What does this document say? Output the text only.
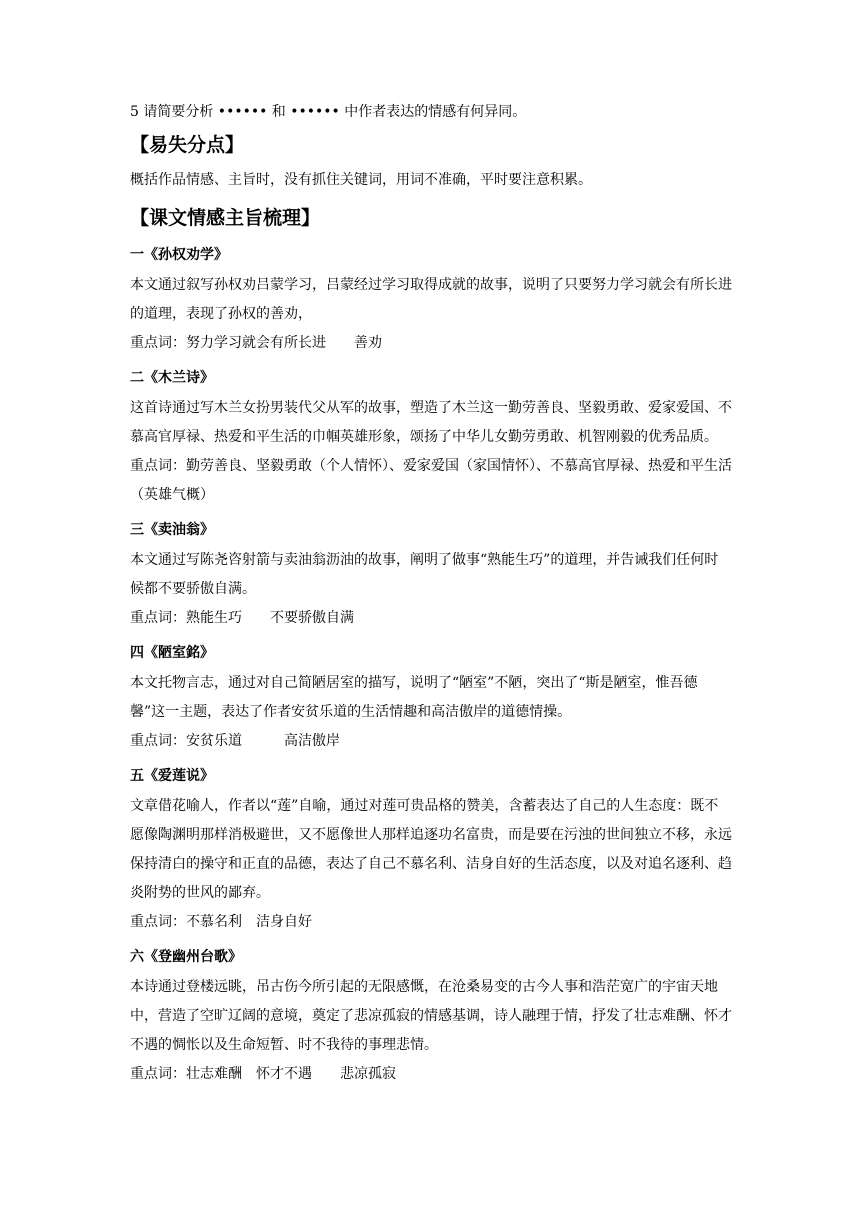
5 请简要分析 •••••• 和 •••••• 中作者表达的情感有何异同。

【易失分点】

概括作品情感、主旨时，没有抓住关键词，用词不准确，平时要注意积累。

【课文情感主旨梳理】
一《孙权劝学》

本文通过叙写孙权劝吕蒙学习，吕蒙经过学习取得成就的故事，说明了只要努力学习就会有所长进的道理，表现了孙权的善劝，

重点词：努力学习就会有所长进　　善劝

二《木兰诗》

这首诗通过写木兰女扮男装代父从军的故事，塑造了木兰这一勤劳善良、坚毅勇敢、爱家爱国、不慕高官厚禄、热爱和平生活的巾帼英雄形象，颂扬了中华儿女勤劳勇敢、机智刚毅的优秀品质。

重点词：勤劳善良、坚毅勇敢（个人情怀）、爱家爱国（家国情怀）、不慕高官厚禄、热爱和平生活（英雄气概）

三《卖油翁》

本文通过写陈尧咨射箭与卖油翁沥油的故事，阐明了做事“熟能生巧”的道理，并告诫我们任何时候都不要骄傲自满。

重点词：熟能生巧　　不要骄傲自满

四《陋室銘》

本文托物言志，通过对自己简陋居室的描写，说明了“陋室”不陋，突出了“斯是陋室，惟吾德馨”这一主题，表达了作者安贫乐道的生活情趣和高洁傲岸的道德情操。

重点词：安贫乐道　　　高洁傲岸

五《爱莲说》

文章借花喻人，作者以“莲”自喻，通过对莲可贵品格的赞美，含蓄表达了自己的人生态度：既不愿像陶渊明那样消极避世，又不愿像世人那样追逐功名富贵，而是要在污浊的世间独立不移，永远保持清白的操守和正直的品德，表达了自己不慕名利、洁身自好的生活态度，以及对追名逐利、趋炎附势的世风的鄙弃。

重点词：不慕名利　洁身自好

六《登幽州台歌》

本诗通过登楼远眺，吊古伤今所引起的无限感慨，在沧桑易变的古今人事和浩茫宽广的宇宙天地中，营造了空旷辽阔的意境，奠定了悲凉孤寂的情感基调，诗人融理于情，抒发了壮志难酬、怀才不遇的惆怅以及生命短暂、时不我待的事理悲情。

重点词：壮志难酬　怀才不遇　　悲凉孤寂
